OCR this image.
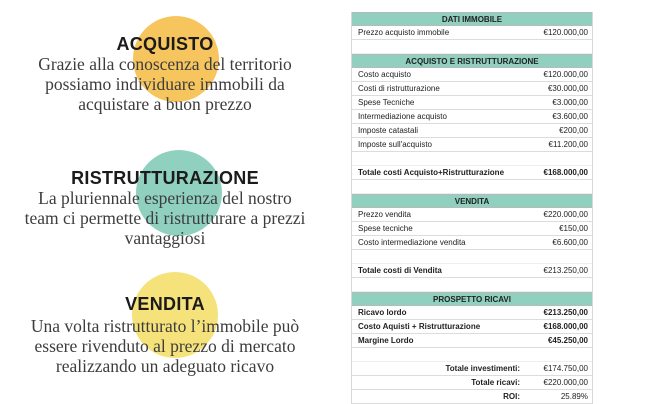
ACQUISTO
Grazie alla conoscenza del territorio
possiamo individuare immobili da
acquistare a buon prezzo
RISTRUTTURAZIONE
La pluriennale esperienza del nostro
team ci permette di ristrutturare a prezzi
vantaggiosi
VENDITA
Una volta ristrutturato l’immobile può
essere rivenduto al prezzo di mercato
realizzando un adeguato ricavo
DATI IMMOBILE
Prezzo acquisto immobile	€120.000,00
ACQUISTO E RISTRUTTURAZIONE
Costo acquisto	€120.000,00
Costi di ristrutturazione	€30.000,00
Spese Tecniche	€3.000,00
Intermediazione acquisto	€3.600,00
Imposte catastali	€200,00
Imposte sull'acquisto	€11.200,00
Totale costi Acquisto+Ristrutturazione	€168.000,00
VENDITA
Prezzo vendita	€220.000,00
Spese tecniche	€150,00
Costo intermediazione vendita	€6.600,00
Totale costi di Vendita	€213.250,00
PROSPETTO RICAVI
Ricavo lordo	€213.250,00
Costo Aquisti + Ristrutturazione	€168.000,00
Margine Lordo	€45.250,00
Totale investimenti:	€174.750,00
Totale ricavi:	€220.000,00
ROI:	25.89%
